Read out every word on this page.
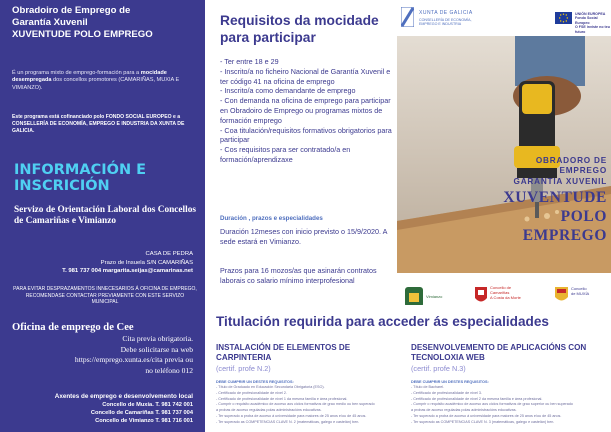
Obradoiro de Emprego de
Garantía Xuvenil
XUVENTUDE POLO EMPREGO
É un programa mixto de emprego-formación para a mocidade desempregada dos concellos promotores (CAMARIÑAS, MUXIA E VIMIANZO).
Este programa está cofinanciado polo FONDO SOCIAL EUROPEO e a CONSELLERÍA DE ECONOMÍA, EMPREGO E INDUSTRIA DA XUNTA DE GALICIA.
INFORMACIÓN E
INSCRICIÓN
Servizo de Orientación Laboral dos Concellos de Camariñas e Vimianzo
CASA DE PEDRA
Prazo de Insuela S/N CAMARIÑAS
T. 981 737 004 margarita.seijas@camarinas.net
PARA EVITAR DESPRAZAMENTOS INNECESARIOS Á OFICINA DE EMPREGO, RECOMENDASE CONTACTAR PREVIAMENTE CON ESTE SERVIZO MUNICIPAL
Oficina de emprego de Cee
Cita previa obrigatoria.
Debe solicitarse na web
https://emprego.xunta.es/cita previa ou
no teléfono 012
Axentes de emprego e desenvolvemento local
Concello de Muxía. T. 981 742 001
Concello de Camariñas T. 981 737 004
Concello de Vimianzo T. 981 716 001
Requisitos da mocidade
para participar
- Ter entre 18 e 29
- Inscrito/a no ficheiro Nacional de Garantía Xuvenil e ter código 41 na oficina de emprego
- Inscrito/a como demandante de emprego
- Con demanda na oficina de emprego para participar en Obradoiro de Emprego ou programas mixtos de formación emprego
- Coa titulación/requisitos formativos obrigatorios para participar
- Cos requisitos para ser contratado/a en formación/aprendizaxe
Duración , prazos e especialidades
Duración 12meses con inicio previsto o 15/9/2020. A sede estará en Vimianzo.
Prazos para 16 mozos/as que asinarán contratos laborais co salario mínimo interprofesional
XUNTA DE GALICIA
CONSELLERÍA DE ECONOMÍA,
EMPREGO E INDUSTRIA
UNIÓN EUROPEA
Fondo Social Europeo
O FSE inviste no teu futuro
OBRADORO DE
EMPREGO
GARANTIA XUVENIL
XUVENTUDE
POLO
EMPREGO
Vimianzo
Concello de
Camariñas
A Costa da Morte
Concello
de MUXÍA
Titulación requirida para acceder ás especialidades
INSTALACIÓN DE ELEMENTOS DE CARPINTERIA
(certif. profe N.2)
DEBE CUMPRIR UN DESTES REQUISITOS:
- Título de Graduado en Educación Secundaria Obrigatoria (ESO).
- Certificado de profesionalidade de nivel 2.
- Certificado de profesionalidade de nivel 1 da mesma familia e área profesional.
- Cumprir o requisito académico de acceso aos ciclos formativos de grao medio ou ben superado
a probas de acceso reguladas polas administracións educativas.
- Ter superado a proba de acceso á universidade para maiores de 25 anos e/ou de 45 anos.
- Ter superado as COMPETENCIAS CLAVE N. 2 (matemáticas, galego e castelán) ben.
DESENVOLVEMENTO DE APLICACIÓNS CON TECNOLOXIA WEB
(certif. profe N.3)
DEBE CUMPRIR UN DESTES REQUISITOS:
- Título de Bacharel.
- Certificado de profesionalidade de nivel 3.
- Certificado de profesionalidade de nivel 2 da mesma familia e área profesional.
- Cumprir o requisito académico de acceso aos ciclos formativos de grao superior ou ben superado
a probas de acceso reguladas polas administracións educativas.
- Ter superado a proba de acceso á universidade para maiores de 25 anos e/ou de 45 anos.
- Ter superado as COMPETENCIAS CLAVE N. 3 (matemáticas, galego e castelán) ben.
